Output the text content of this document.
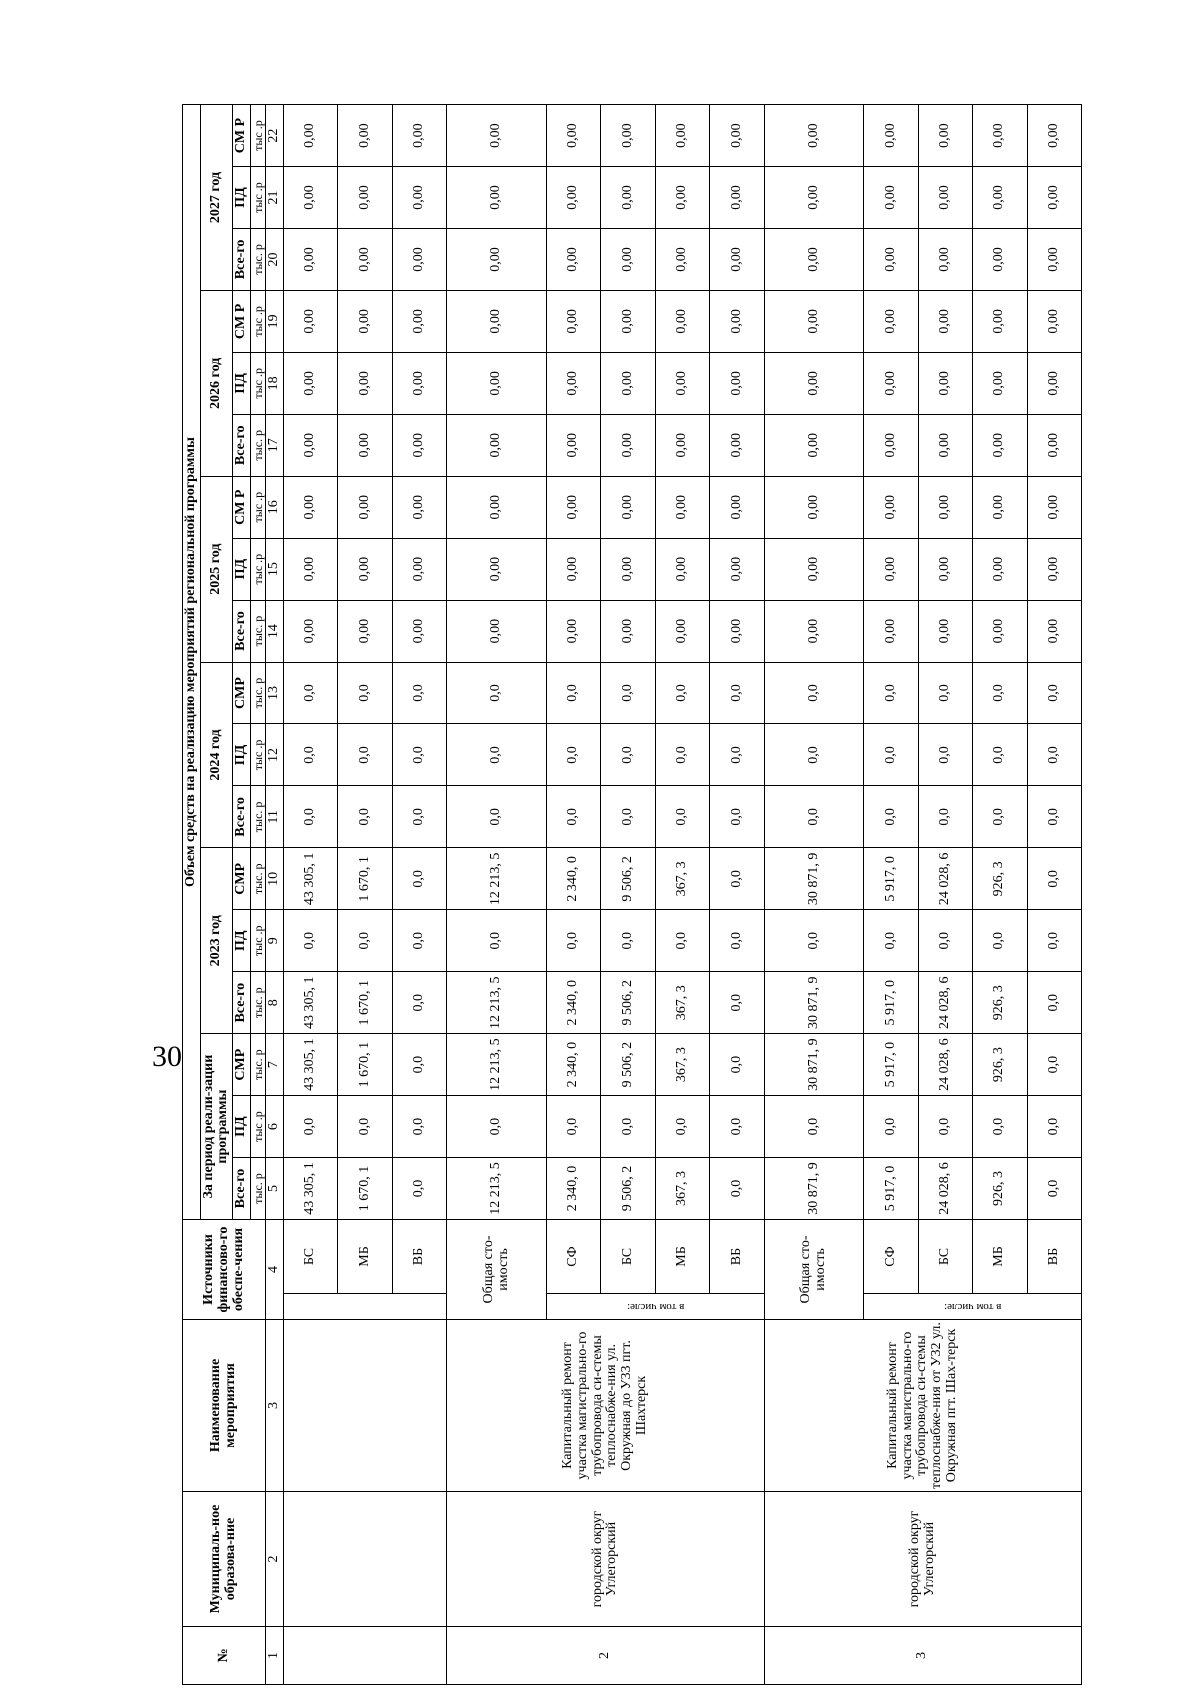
30
№	Муниципаль-ное образова-ние	Наименование мероприятия	Источники финансово-го обеспе-чения		Объем средств на реализацию мероприятий региональной программы																	
					За период реали-зации программы			2023 год			2024 год			2025 год			2026 год			2027 год		
					Все-го	ПД	СМР	Все-го	ПД	СМР	Все-го	ПД	СМР	Все-го	ПД	СМ Р	Все-го	ПД	СМ Р	Все-го	ПД	СМ Р
					тыс. р	тыс .р	тыс. р	тыс. р	тыс .р	тыс. р	тыс. р	тыс .р	тыс. р	тыс. р	тыс .р	тыс .р	тыс. р	тыс .р	тыс .р	тыс. р	тыс .р	тыс .р
1	2	3	4		5	6	7	8	9	10	11	12	13	14	15	16	17	18	19	20	21	22
				БС	43 305, 1	0,0	43 305, 1	43 305, 1	0,0	43 305, 1	0,0	0,0	0,0	0,00	0,00	0,00	0,00	0,00	0,00	0,00	0,00	0,00
				МБ	1 670, 1	0,0	1 670, 1	1 670, 1	0,0	1 670, 1	0,0	0,0	0,0	0,00	0,00	0,00	0,00	0,00	0,00	0,00	0,00	0,00
				ВБ	0,0	0,0	0,0	0,0	0,0	0,0	0,0	0,0	0,0	0,00	0,00	0,00	0,00	0,00	0,00	0,00	0,00	0,00
2	городской округ Углегорский	Капитальный ремонт участка магистрально-го трубопровода си-стемы теплоснабже-ния ул. Окружная до У33 пгт. Шахтерск	Общая сто-имость		12 213, 5	0,0	12 213, 5	12 213, 5	0,0	12 213, 5	0,0	0,0	0,0	0,00	0,00	0,00	0,00	0,00	0,00	0,00	0,00	0,00

			в том числе:	СФ	2 340, 0	0,0	2 340, 0	2 340, 0	0,0	2 340, 0	0,0	0,0	0,0	0,00	0,00	0,00	0,00	0,00	0,00	0,00	0,00	0,00
				БС	9 506, 2	0,0	9 506, 2	9 506, 2	0,0	9 506, 2	0,0	0,0	0,0	0,00	0,00	0,00	0,00	0,00	0,00	0,00	0,00	0,00
				МБ	367, 3	0,0	367, 3	367, 3	0,0	367, 3	0,0	0,0	0,0	0,00	0,00	0,00	0,00	0,00	0,00	0,00	0,00	0,00
				ВБ	0,0	0,0	0,0	0,0	0,0	0,0	0,0	0,0	0,0	0,00	0,00	0,00	0,00	0,00	0,00	0,00	0,00	0,00
3	городской округ Углегорский	Капитальный ремонт участка магистрально-го трубопровода си-стемы теплоснабже-ния от У32 ул. Окружная пгт. Шах-терск	Общая сто-имость		30 871, 9	0,0	30 871, 9	30 871, 9	0,0	30 871, 9	0,0	0,0	0,0	0,00	0,00	0,00	0,00	0,00	0,00	0,00	0,00	0,00

			в том числе:	СФ	5 917, 0	0,0	5 917, 0	5 917, 0	0,0	5 917, 0	0,0	0,0	0,0	0,00	0,00	0,00	0,00	0,00	0,00	0,00	0,00	0,00
				БС	24 028, 6	0,0	24 028, 6	24 028, 6	0,0	24 028, 6	0,0	0,0	0,0	0,00	0,00	0,00	0,00	0,00	0,00	0,00	0,00	0,00
				МБ	926, 3	0,0	926, 3	926, 3	0,0	926, 3	0,0	0,0	0,0	0,00	0,00	0,00	0,00	0,00	0,00	0,00	0,00	0,00
				ВБ	0,0	0,0	0,0	0,0	0,0	0,0	0,0	0,0	0,0	0,00	0,00	0,00	0,00	0,00	0,00	0,00	0,00	0,00
